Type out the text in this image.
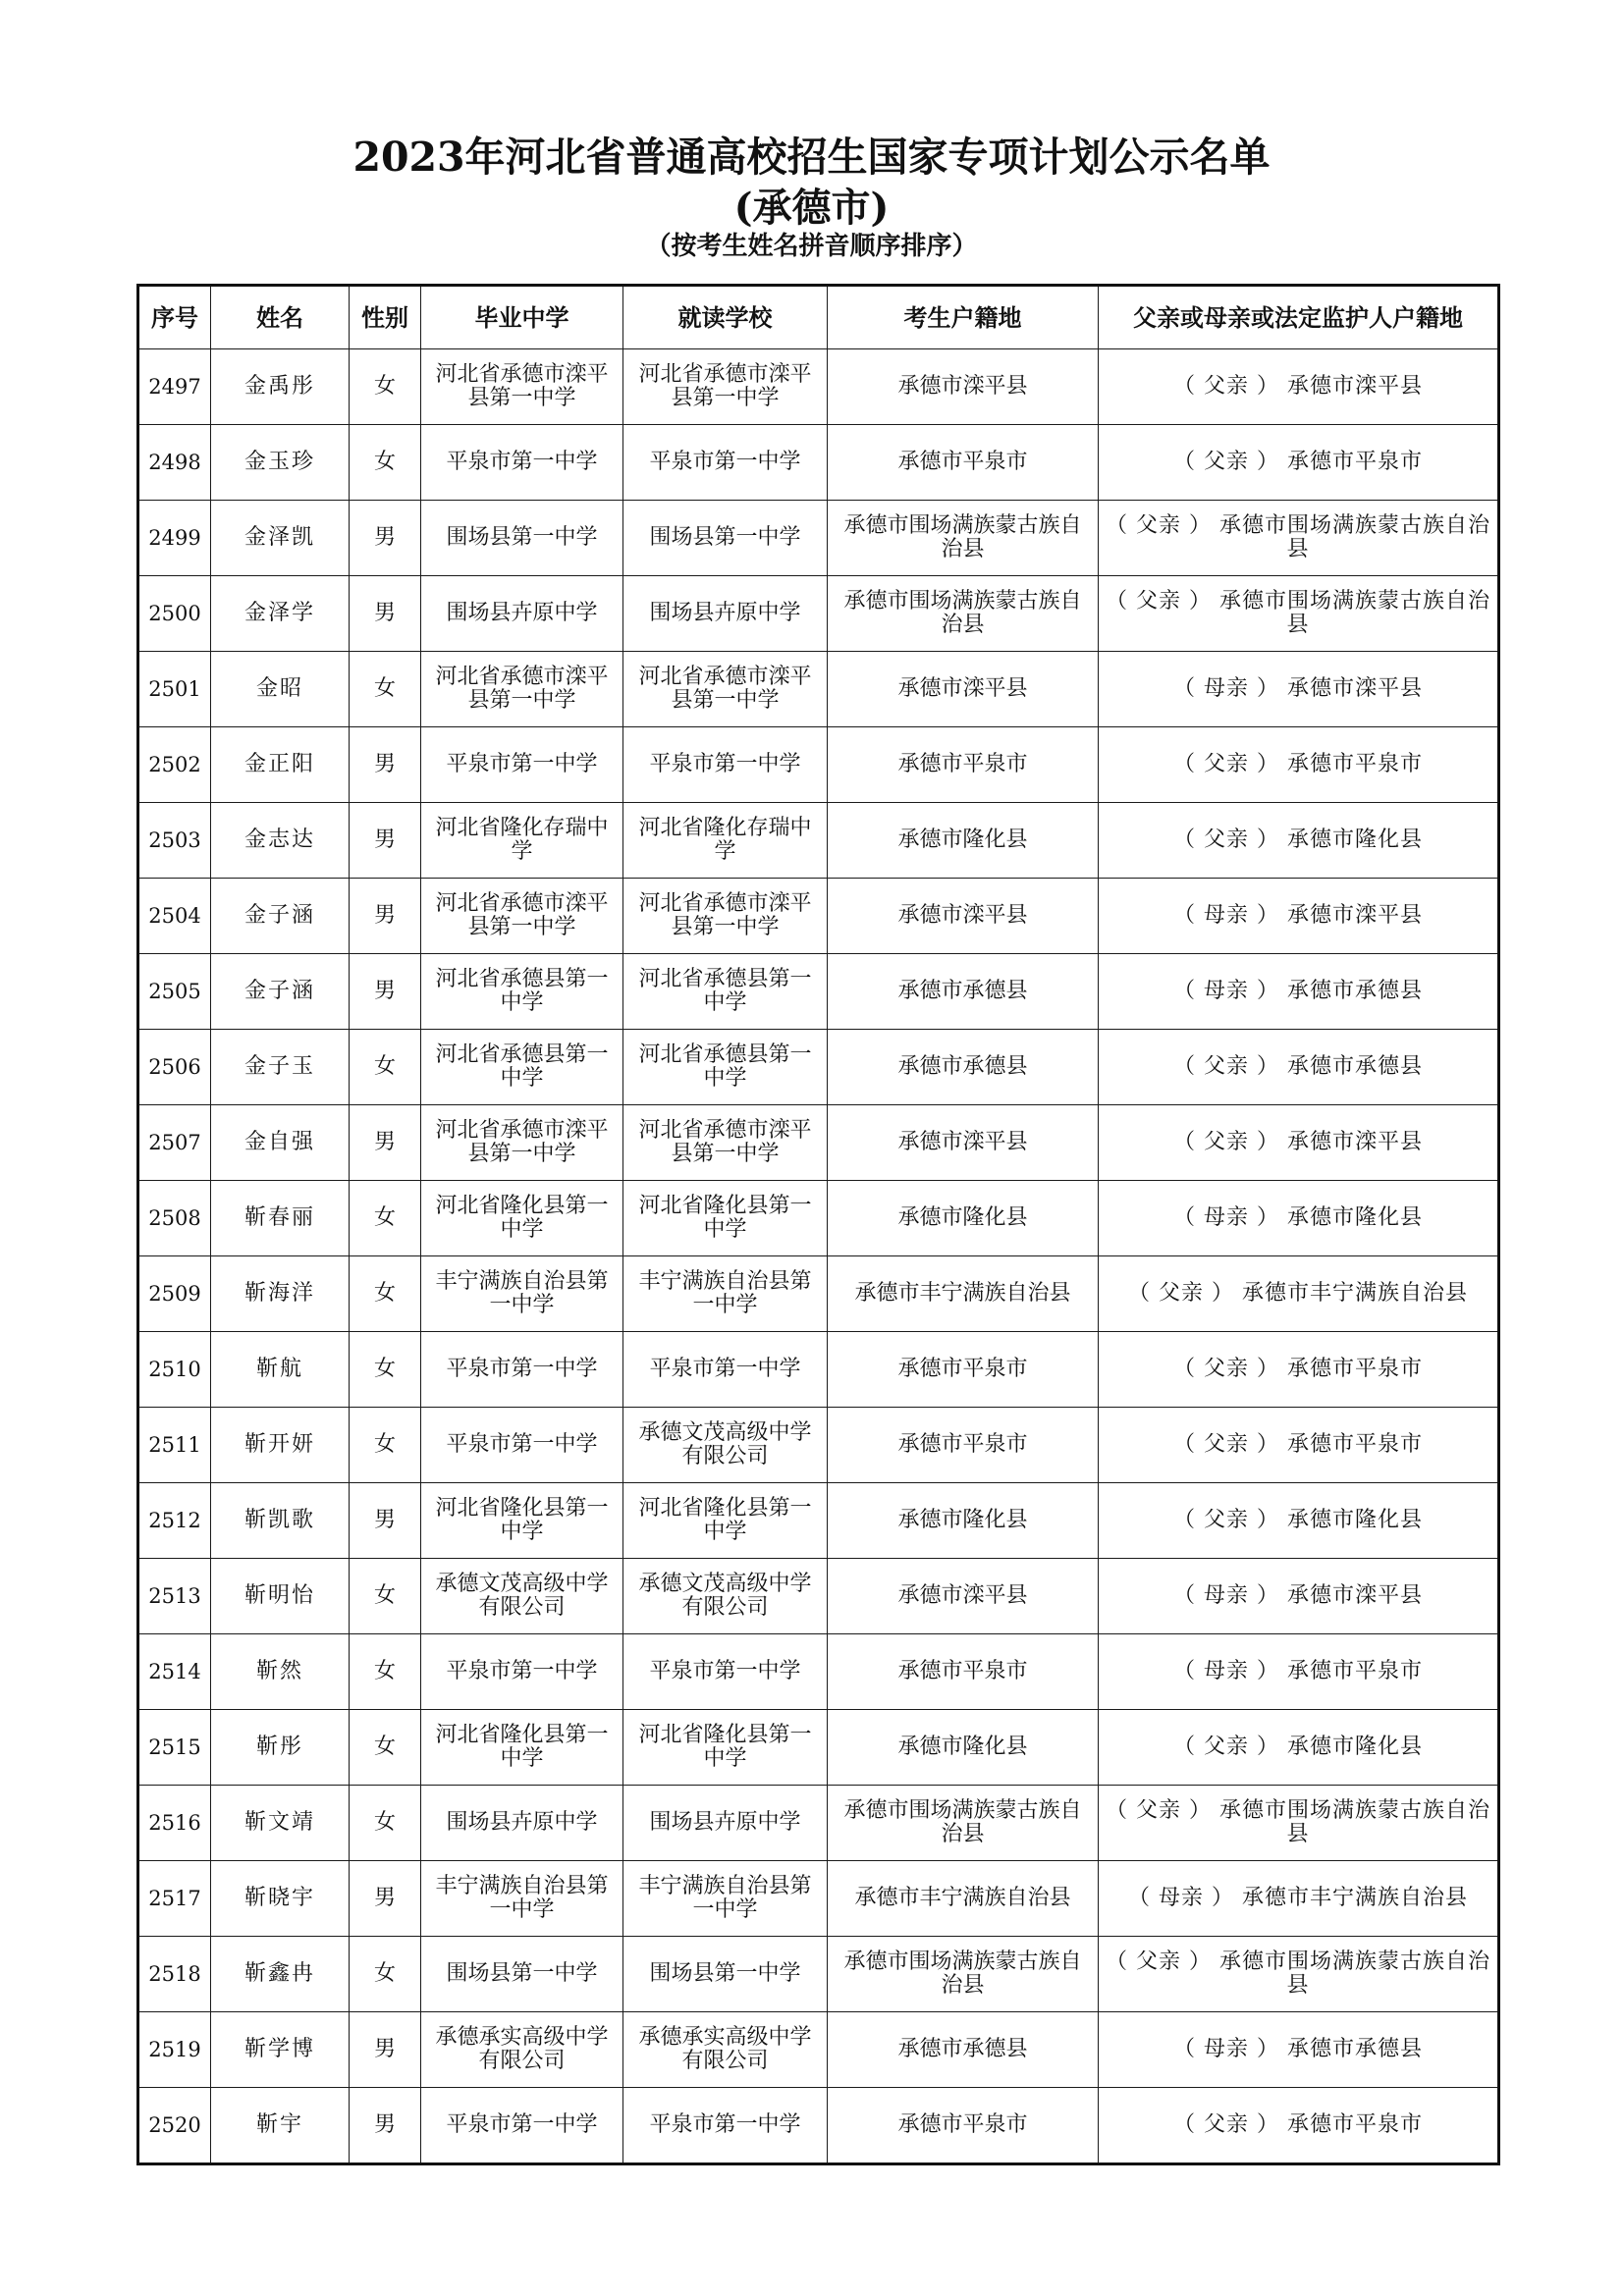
2023年河北省普通高校招生国家专项计划公示名单
(承德市)
（按考生姓名拼音顺序排序）
序号	姓名	性别	毕业中学	就读学校	考生户籍地	父亲或母亲或法定监护人户籍地
2497	金禹彤	女	河北省承德市滦平县第一中学	河北省承德市滦平县第一中学	承德市滦平县	（ 父亲 ） 承德市滦平县
2498	金玉珍	女	平泉市第一中学	平泉市第一中学	承德市平泉市	（ 父亲 ） 承德市平泉市
2499	金泽凯	男	围场县第一中学	围场县第一中学	承德市围场满族蒙古族自治县	（ 父亲 ） 承德市围场满族蒙古族自治县
2500	金泽学	男	围场县卉原中学	围场县卉原中学	承德市围场满族蒙古族自治县	（ 父亲 ） 承德市围场满族蒙古族自治县
2501	金昭	女	河北省承德市滦平县第一中学	河北省承德市滦平县第一中学	承德市滦平县	（ 母亲 ） 承德市滦平县
2502	金正阳	男	平泉市第一中学	平泉市第一中学	承德市平泉市	（ 父亲 ） 承德市平泉市
2503	金志达	男	河北省隆化存瑞中学	河北省隆化存瑞中学	承德市隆化县	（ 父亲 ） 承德市隆化县
2504	金子涵	男	河北省承德市滦平县第一中学	河北省承德市滦平县第一中学	承德市滦平县	（ 母亲 ） 承德市滦平县
2505	金子涵	男	河北省承德县第一中学	河北省承德县第一中学	承德市承德县	（ 母亲 ） 承德市承德县
2506	金子玉	女	河北省承德县第一中学	河北省承德县第一中学	承德市承德县	（ 父亲 ） 承德市承德县
2507	金自强	男	河北省承德市滦平县第一中学	河北省承德市滦平县第一中学	承德市滦平县	（ 父亲 ） 承德市滦平县
2508	靳春丽	女	河北省隆化县第一中学	河北省隆化县第一中学	承德市隆化县	（ 母亲 ） 承德市隆化县
2509	靳海洋	女	丰宁满族自治县第一中学	丰宁满族自治县第一中学	承德市丰宁满族自治县	（ 父亲 ） 承德市丰宁满族自治县
2510	靳航	女	平泉市第一中学	平泉市第一中学	承德市平泉市	（ 父亲 ） 承德市平泉市
2511	靳开妍	女	平泉市第一中学	承德文茂高级中学有限公司	承德市平泉市	（ 父亲 ） 承德市平泉市
2512	靳凯歌	男	河北省隆化县第一中学	河北省隆化县第一中学	承德市隆化县	（ 父亲 ） 承德市隆化县
2513	靳明怡	女	承德文茂高级中学有限公司	承德文茂高级中学有限公司	承德市滦平县	（ 母亲 ） 承德市滦平县
2514	靳然	女	平泉市第一中学	平泉市第一中学	承德市平泉市	（ 母亲 ） 承德市平泉市
2515	靳彤	女	河北省隆化县第一中学	河北省隆化县第一中学	承德市隆化县	（ 父亲 ） 承德市隆化县
2516	靳文靖	女	围场县卉原中学	围场县卉原中学	承德市围场满族蒙古族自治县	（ 父亲 ） 承德市围场满族蒙古族自治县
2517	靳晓宇	男	丰宁满族自治县第一中学	丰宁满族自治县第一中学	承德市丰宁满族自治县	（ 母亲 ） 承德市丰宁满族自治县
2518	靳鑫冉	女	围场县第一中学	围场县第一中学	承德市围场满族蒙古族自治县	（ 父亲 ） 承德市围场满族蒙古族自治县
2519	靳学博	男	承德承实高级中学有限公司	承德承实高级中学有限公司	承德市承德县	（ 母亲 ） 承德市承德县
2520	靳宇	男	平泉市第一中学	平泉市第一中学	承德市平泉市	（ 父亲 ） 承德市平泉市
